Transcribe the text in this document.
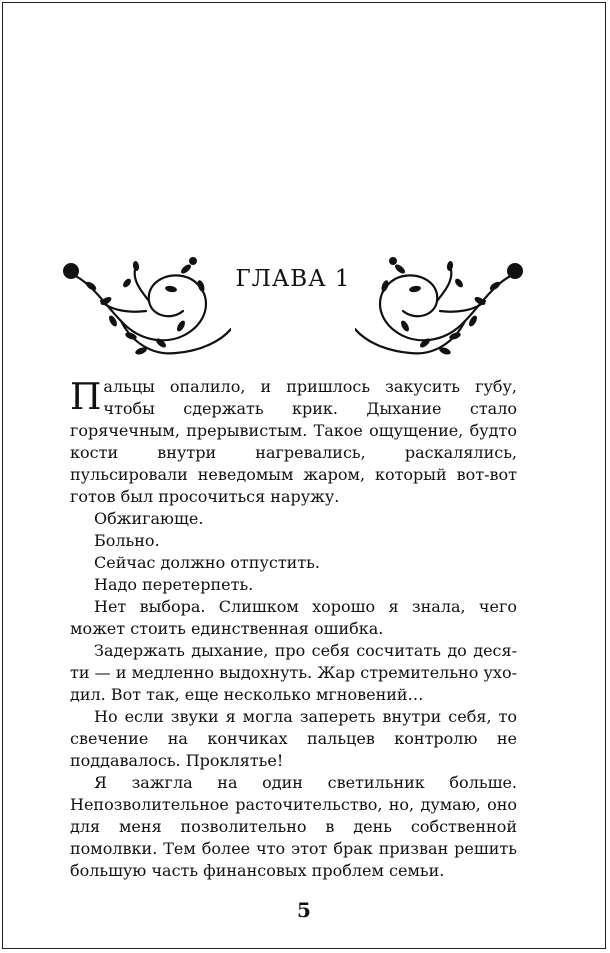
ГЛАВА 1

Пальцы опалило, и пришлось закусить губу, чтобы сдержать крик. Дыхание стало горячечным, прерывистым. Такое ощущение, будто кости внутри нагревались, раскалялись, пульсировали неведомым жаром, который вот-вот готов был просочиться наружу.

Обжигающе.

Больно.

Сейчас должно отпустить.

Надо перетерпеть.

Нет выбора. Слишком хорошо я знала, чего может стоить единственная ошибка.

Задержать дыхание, про себя сосчитать до десяти — и медленно выдохнуть. Жар стремительно уходил. Вот так, еще несколько мгновений…

Но если звуки я могла запереть внутри себя, то свечение на кончиках пальцев контролю не поддавалось. Проклятье!

Я зажгла на один светильник больше. Непозволительное расточительство, но, думаю, оно для меня позволительно в день собственной помолвки. Тем более что этот брак призван решить большую часть финансовых проблем семьи.

5
